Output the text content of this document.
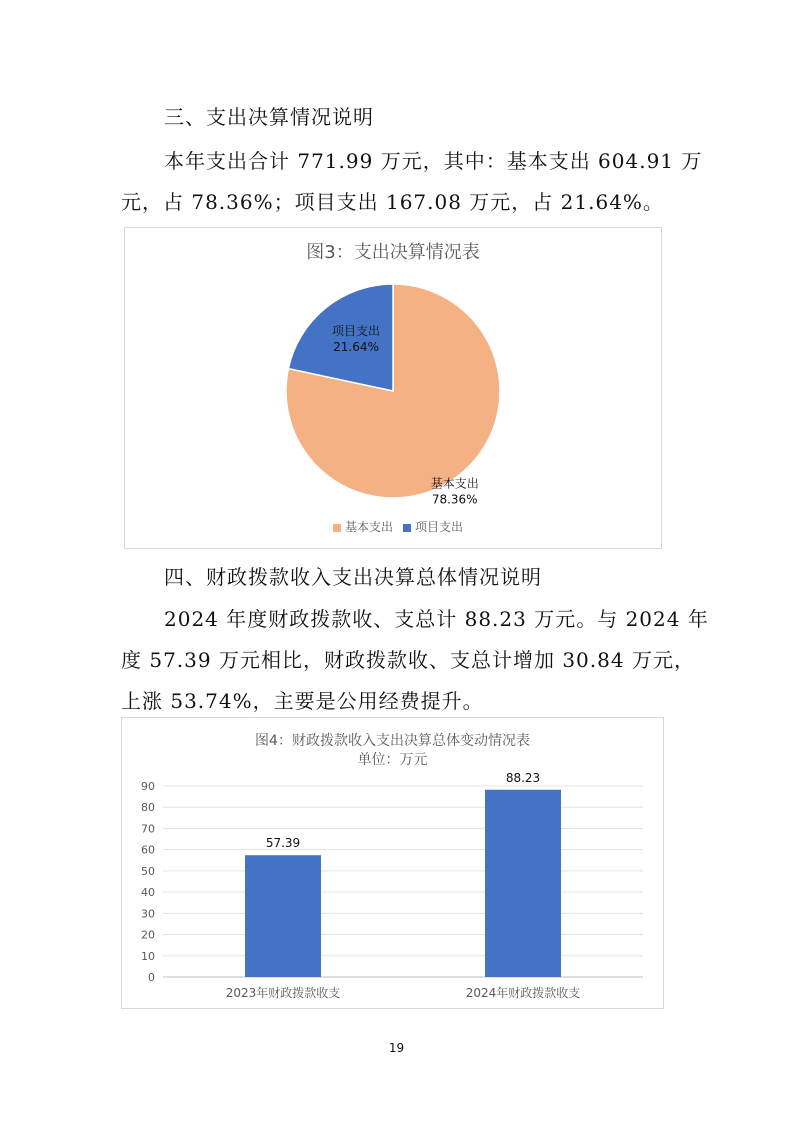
三、支出决算情况说明
本年支出合计 771.99 万元，其中：基本支出 604.91 万
元，占 78.36%；项目支出 167.08 万元，占 21.64%。
图3：支出决算情况表
基本支出
78.36%
项目支出
21.64%
基本支出 项目支出
四、财政拨款收入支出决算总体情况说明
2024 年度财政拨款收、支总计 88.23 万元。与 2024 年
度 57.39 万元相比，财政拨款收、支总计增加 30.84 万元，
上涨 53.74%，主要是公用经费提升。
图4：财政拨款收入支出决算总体变动情况表
单位：万元
0
10
20
30
40
50
60
70
80
90
57.39
2023年财政拨款收支
88.23
2024年财政拨款收支
19
